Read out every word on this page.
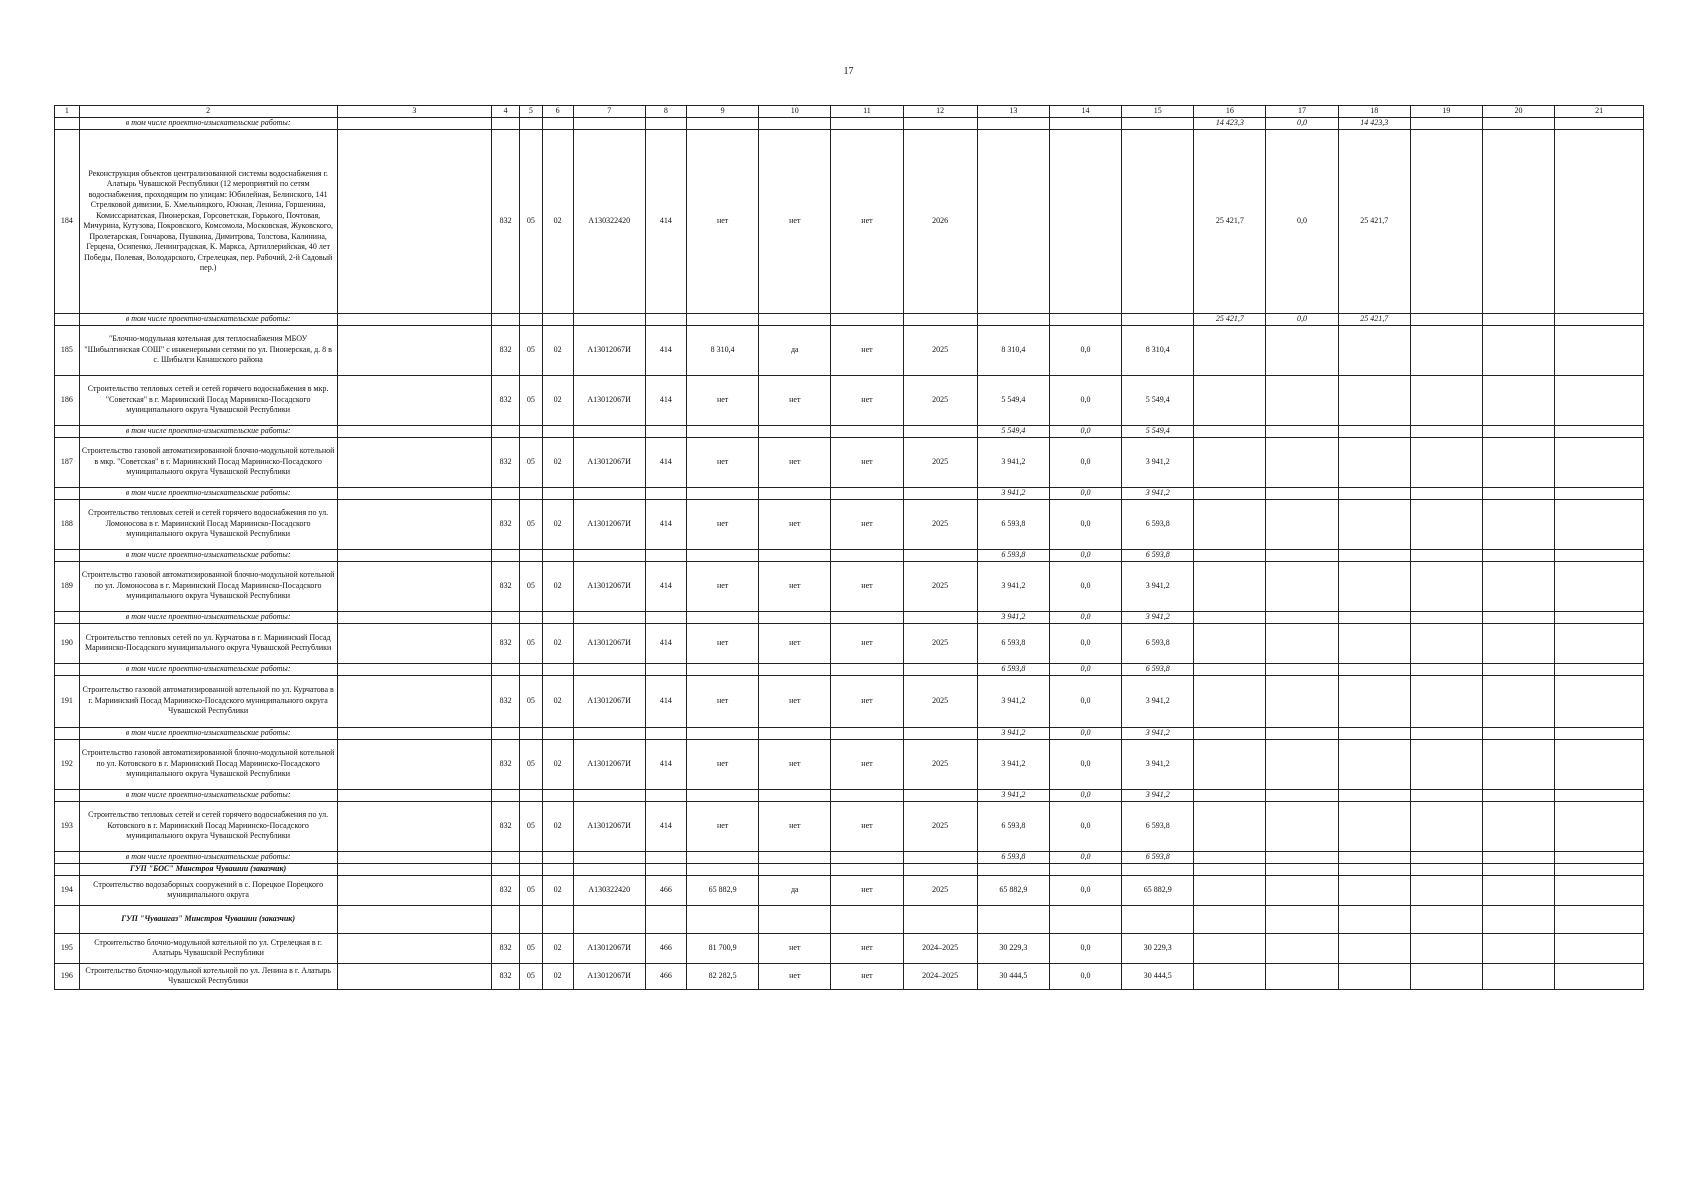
17
1	2	3	4	5	6	7	8	9	10	11	12	13	14	15	16	17	18	19	20	21
	в том числе проектно-изыскательские работы:														14 423,3	0,0	14 423,3			
184	Реконструкция объектов централизованной системы водоснабжения г. Алатырь Чувашской Республики (12 мероприятий по сетям водоснабжения, проходящим по улицам: Юбилейная, Белинского, 141 Стрелковой дивизии, Б. Хмельницкого, Южная, Ленина, Горшенина, Комиссариатская, Пионерская, Горсоветская, Горького, Почтовая, Мичурина, Кутузова, Покровского, Комсомола, Московская, Жуковского, Пролетарская, Гончарова, Пушкина, Димитрова, Толстова, Калинина, Герцена, Осипенко, Ленинградская, К. Маркса, Артиллерийская, 40 лет Победы, Полевая, Володарского, Стрелецкая, пер. Рабочий, 2-й Садовый пер.)		832	05	02	А130322420	414	нет	нет	нет	2026				25 421,7	0,0	25 421,7			
	в том числе проектно-изыскательские работы:														25 421,7	0,0	25 421,7			
185	"Блочно-модульная котельная для теплоснабжения МБОУ "Шибылгинская СОШ" с инженерными сетями по ул. Пионерская, д. 8 в с. Шибылги Канашского района		832	05	02	А13012067И	414	8 310,4	да	нет	2025	8 310,4	0,0	8 310,4						
186	Строительство тепловых сетей и сетей горячего водоснабжения в мкр. "Советская" в г. Мариинский Посад Мариинско-Посадского муниципального округа Чувашской Республики		832	05	02	А13012067И	414	нет	нет	нет	2025	5 549,4	0,0	5 549,4						
	в том числе проектно-изыскательские работы:											5 549,4	0,0	5 549,4						
187	Строительство газовой автоматизированной блочно-модульной котельной в мкр. "Советская" в г. Мариинский Посад Мариинско-Посадского муниципального округа Чувашской Республики		832	05	02	А13012067И	414	нет	нет	нет	2025	3 941,2	0,0	3 941,2						
	в том числе проектно-изыскательские работы:											3 941,2	0,0	3 941,2						
188	Строительство тепловых сетей и сетей горячего водоснабжения по ул. Ломоносова в г. Мариинский Посад Мариинско-Посадского муниципального округа Чувашской Республики		832	05	02	А13012067И	414	нет	нет	нет	2025	6 593,8	0,0	6 593,8						
	в том числе проектно-изыскательские работы:											6 593,8	0,0	6 593,8						
189	Строительство газовой автоматизированной блочно-модульной котельной по ул. Ломоносова в г. Мариинский Посад Мариинско-Посадского муниципального округа Чувашской Республики		832	05	02	А13012067И	414	нет	нет	нет	2025	3 941,2	0,0	3 941,2						
	в том числе проектно-изыскательские работы:											3 941,2	0,0	3 941,2						
190	Строительство тепловых сетей по ул. Курчатова в г. Мариинский Посад Мариинско-Посадского муниципального округа Чувашской Республики		832	05	02	А13012067И	414	нет	нет	нет	2025	6 593,8	0,0	6 593,8						
	в том числе проектно-изыскательские работы:											6 593,8	0,0	6 593,8						
191	Строительство газовой автоматизированной котельной по ул. Курчатова в г. Мариинский Посад Мариинско-Посадского муниципального округа Чувашской Республики		832	05	02	А13012067И	414	нет	нет	нет	2025	3 941,2	0,0	3 941,2						
	в том числе проектно-изыскательские работы:											3 941,2	0,0	3 941,2						
192	Строительство газовой автоматизированной блочно-модульной котельной по ул. Котовского в г. Мариинский Посад Мариинско-Посадского муниципального округа Чувашской Республики		832	05	02	А13012067И	414	нет	нет	нет	2025	3 941,2	0,0	3 941,2						
	в том числе проектно-изыскательские работы:											3 941,2	0,0	3 941,2						
193	Строительство тепловых сетей и сетей горячего водоснабжения по ул. Котовского в г. Мариинский Посад Мариинско-Посадского муниципального округа Чувашской Республики		832	05	02	А13012067И	414	нет	нет	нет	2025	6 593,8	0,0	6 593,8						
	в том числе проектно-изыскательские работы:											6 593,8	0,0	6 593,8						
	ГУП "БОС" Минстроя Чувашии (заказчик)																			
194	Строительство водозаборных сооружений в с. Порецкое Порецкого муниципального округа		832	05	02	А130322420	466	65 882,9	да	нет	2025	65 882,9	0,0	65 882,9						
	ГУП "Чувашгаз" Минстроя Чувашии (заказчик)																			
195	Строительство блочно-модульной котельной по ул. Стрелецкая в г. Алатырь Чувашской Республики		832	05	02	А13012067И	466	81 700,9	нет	нет	2024–2025	30 229,3	0,0	30 229,3						
196	Строительство блочно-модульной котельной по ул. Ленина в г. Алатырь Чувашской Республики		832	05	02	А13012067И	466	82 282,5	нет	нет	2024–2025	30 444,5	0,0	30 444,5						
